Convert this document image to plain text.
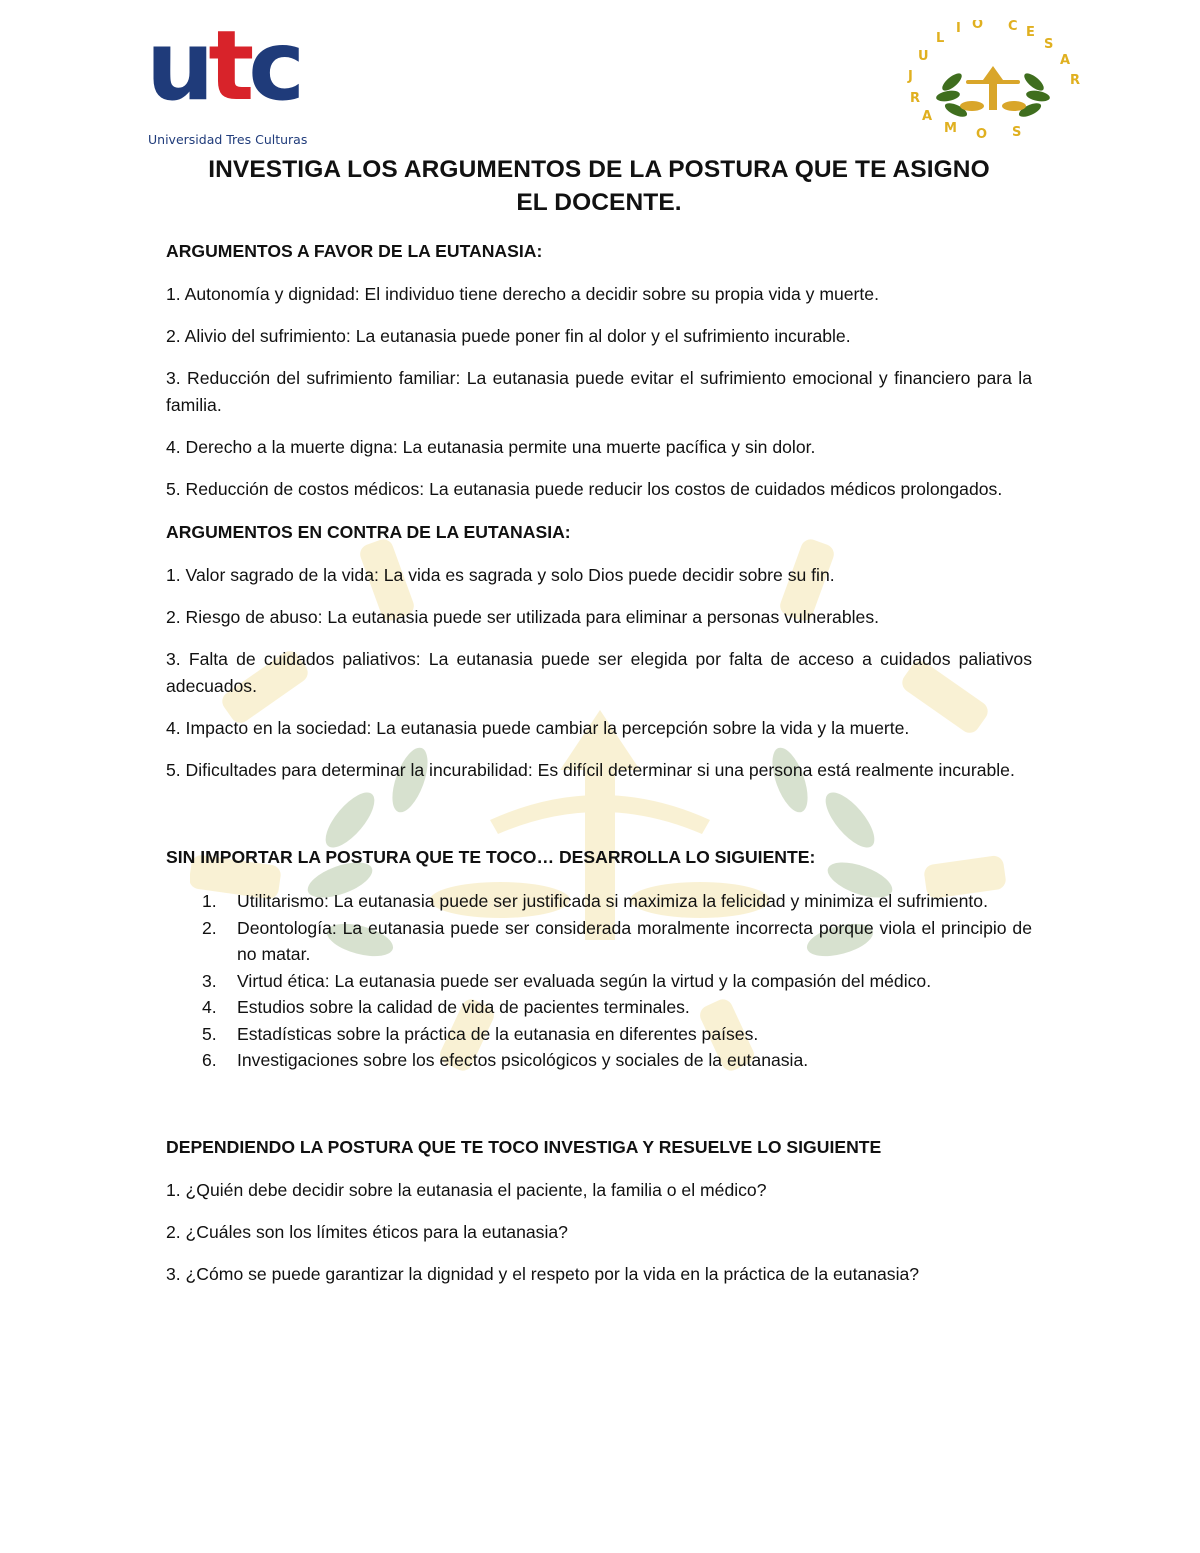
utc
Universidad Tres Culturas
J
U
L
I O C E
S
A
R
R
A
M O S
INVESTIGA LOS ARGUMENTOS DE LA POSTURA QUE TE ASIGNO EL DOCENTE.
ARGUMENTOS A FAVOR DE LA EUTANASIA:

1. Autonomía y dignidad: El individuo tiene derecho a decidir sobre su propia vida y muerte.

2. Alivio del sufrimiento: La eutanasia puede poner fin al dolor y el sufrimiento incurable.

3. Reducción del sufrimiento familiar: La eutanasia puede evitar el sufrimiento emocional y financiero para la familia.

4. Derecho a la muerte digna: La eutanasia permite una muerte pacífica y sin dolor.

5. Reducción de costos médicos: La eutanasia puede reducir los costos de cuidados médicos prolongados.

ARGUMENTOS EN CONTRA DE LA EUTANASIA:

1. Valor sagrado de la vida: La vida es sagrada y solo Dios puede decidir sobre su fin.

2. Riesgo de abuso: La eutanasia puede ser utilizada para eliminar a personas vulnerables.

3. Falta de cuidados paliativos: La eutanasia puede ser elegida por falta de acceso a cuidados paliativos adecuados.

4. Impacto en la sociedad: La eutanasia puede cambiar la percepción sobre la vida y la muerte.

5. Dificultades para determinar la incurabilidad: Es difícil determinar si una persona está realmente incurable.

SIN IMPORTAR LA POSTURA QUE TE TOCO… DESARROLLA LO SIGUIENTE:
1. Utilitarismo: La eutanasia puede ser justificada si maximiza la felicidad y minimiza el sufrimiento.
2. Deontología: La eutanasia puede ser considerada moralmente incorrecta porque viola el principio de no matar.
3. Virtud ética: La eutanasia puede ser evaluada según la virtud y la compasión del médico.
4. Estudios sobre la calidad de vida de pacientes terminales.
5. Estadísticas sobre la práctica de la eutanasia en diferentes países.
6. Investigaciones sobre los efectos psicológicos y sociales de la eutanasia.
DEPENDIENDO LA POSTURA QUE TE TOCO INVESTIGA Y RESUELVE LO SIGUIENTE

1. ¿Quién debe decidir sobre la eutanasia el paciente, la familia o el médico?

2. ¿Cuáles son los límites éticos para la eutanasia?

3. ¿Cómo se puede garantizar la dignidad y el respeto por la vida en la práctica de la eutanasia?
